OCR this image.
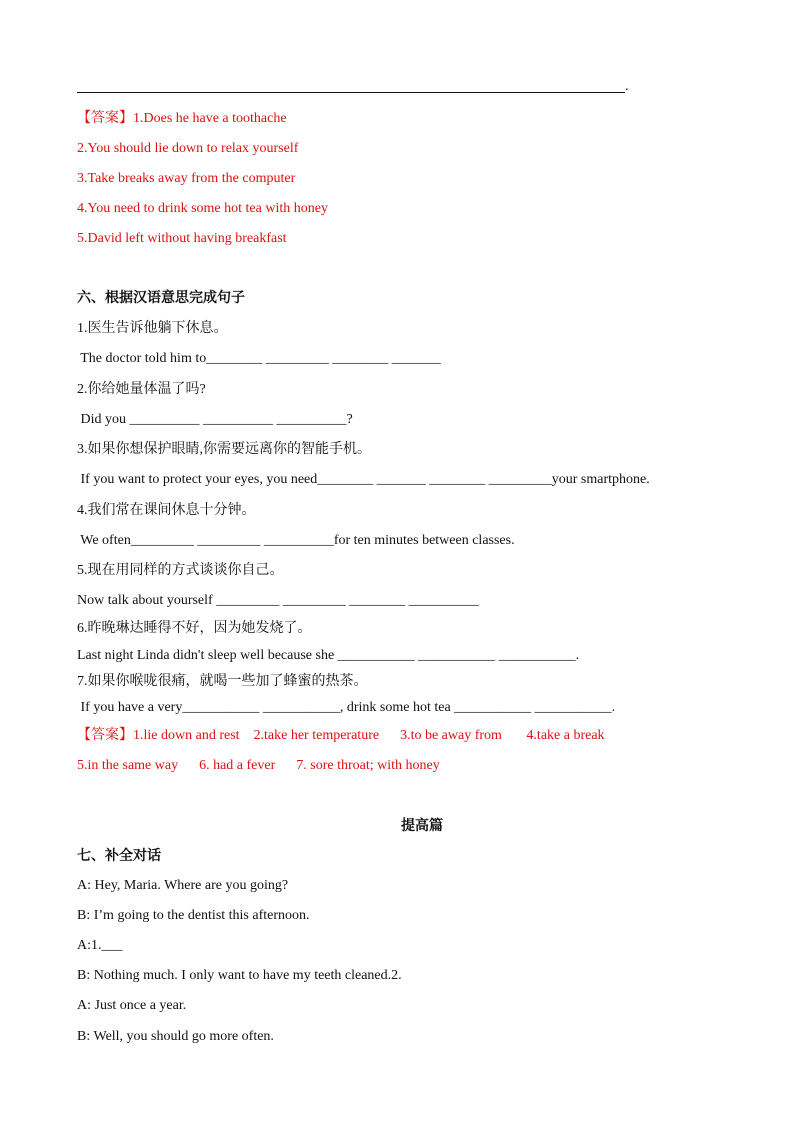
.
【答案】1.Does he have a toothache
2.You should lie down to relax yourself
3.Take breaks away from the computer
4.You need to drink some hot tea with honey
5.David left without having breakfast
六、根据汉语意思完成句子
1.医生告诉他躺下休息。
The doctor told him to________ _________ ________ _______
2.你给她量体温了吗?
Did you __________ __________ __________?
3.如果你想保护眼睛,你需要远离你的智能手机。
If you want to protect your eyes, you need________ _______ ________ _________your smartphone.
4.我们常在课间休息十分钟。
We often_________ _________ __________for ten minutes between classes.
5.现在用同样的方式谈谈你自己。
Now talk about yourself _________ _________ ________ __________
6.昨晚琳达睡得不好，因为她发烧了。
Last night Linda didn't sleep well because she ___________ ___________ ___________.
7.如果你喉咙很痛，就喝一些加了蜂蜜的热茶。
If you have a very___________ ___________, drink some hot tea ___________ ___________.
【答案】1.lie down and rest    2.take her temperature      3.to be away from       4.take a break
5.in the same way      6. had a fever      7. sore throat; with honey
提高篇
七、补全对话
A: Hey, Maria. Where are you going?
B: I’m going to the dentist this afternoon.
A:1.___
B: Nothing much. I only want to have my teeth cleaned.2.
A: Just once a year.
B: Well, you should go more often.
